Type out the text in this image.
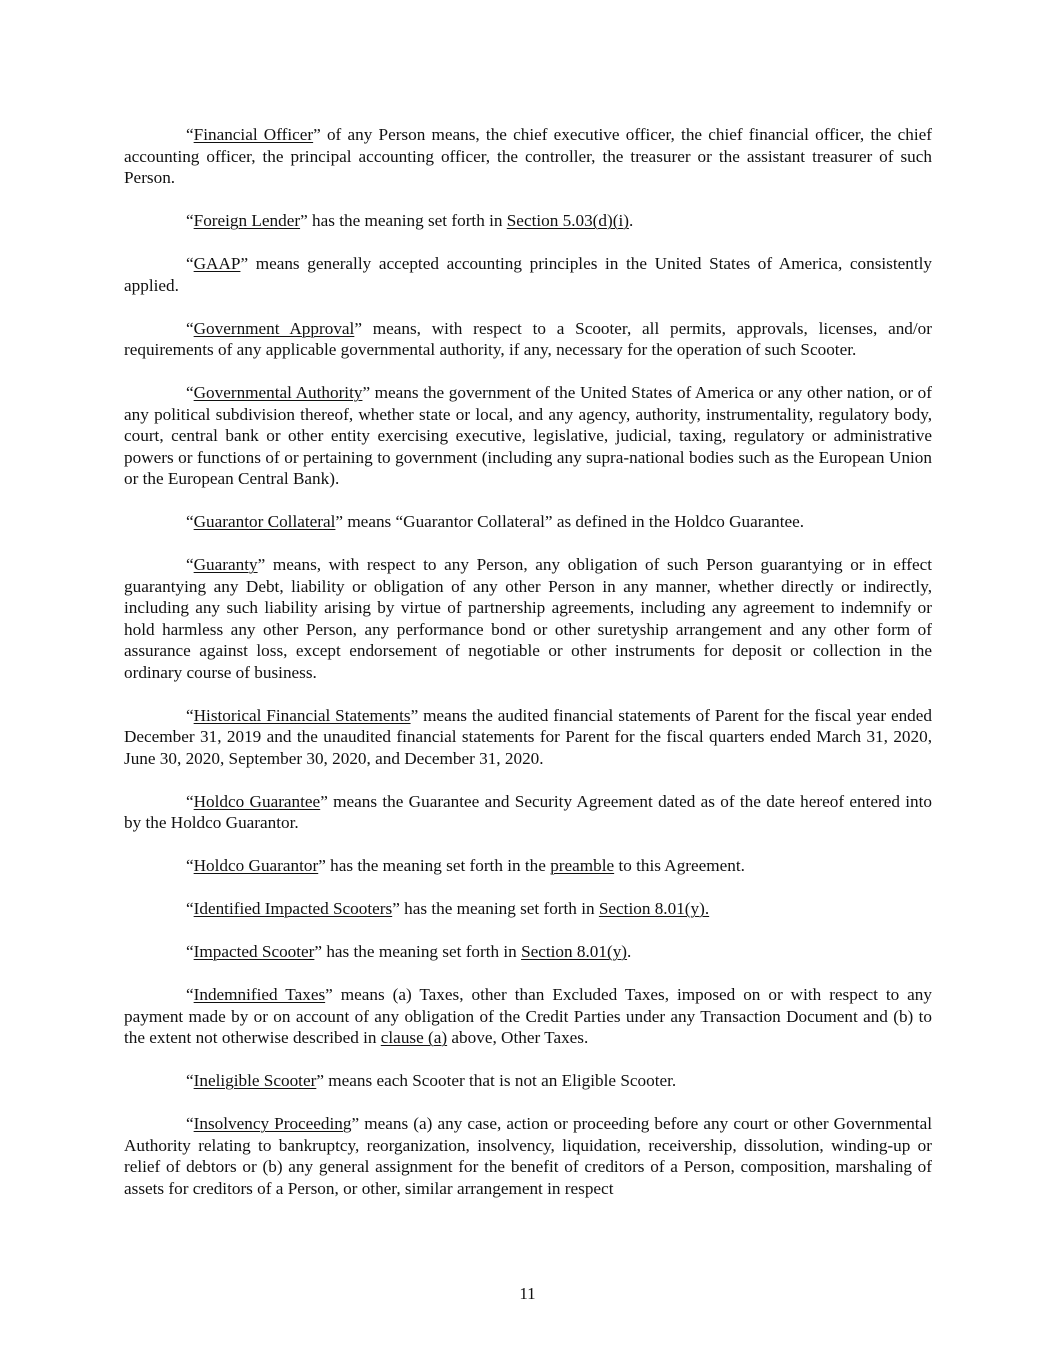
“Financial Officer” of any Person means, the chief executive officer, the chief financial officer, the chief accounting officer, the principal accounting officer, the controller, the treasurer or the assistant treasurer of such Person.

“Foreign Lender” has the meaning set forth in Section 5.03(d)(i).

“GAAP” means generally accepted accounting principles in the United States of America, consistently applied.

“Government Approval” means, with respect to a Scooter, all permits, approvals, licenses, and/or requirements of any applicable governmental authority, if any, necessary for the operation of such Scooter.

“Governmental Authority” means the government of the United States of America or any other nation, or of any political subdivision thereof, whether state or local, and any agency, authority, instrumentality, regulatory body, court, central bank or other entity exercising executive, legislative, judicial, taxing, regulatory or administrative powers or functions of or pertaining to government (including any supra-national bodies such as the European Union or the European Central Bank).

“Guarantor Collateral” means “Guarantor Collateral” as defined in the Holdco Guarantee.

“Guaranty” means, with respect to any Person, any obligation of such Person guarantying or in effect guarantying any Debt, liability or obligation of any other Person in any manner, whether directly or indirectly, including any such liability arising by virtue of partnership agreements, including any agreement to indemnify or hold harmless any other Person, any performance bond or other suretyship arrangement and any other form of assurance against loss, except endorsement of negotiable or other instruments for deposit or collection in the ordinary course of business.

“Historical Financial Statements” means the audited financial statements of Parent for the fiscal year ended December 31, 2019 and the unaudited financial statements for Parent for the fiscal quarters ended March 31, 2020, June 30, 2020, September 30, 2020, and December 31, 2020.

“Holdco Guarantee” means the Guarantee and Security Agreement dated as of the date hereof entered into by the Holdco Guarantor.

“Holdco Guarantor” has the meaning set forth in the preamble to this Agreement.

“Identified Impacted Scooters” has the meaning set forth in Section 8.01(y).

“Impacted Scooter” has the meaning set forth in Section 8.01(y).

“Indemnified Taxes” means (a) Taxes, other than Excluded Taxes, imposed on or with respect to any payment made by or on account of any obligation of the Credit Parties under any Transaction Document and (b) to the extent not otherwise described in clause (a) above, Other Taxes.

“Ineligible Scooter” means each Scooter that is not an Eligible Scooter.

“Insolvency Proceeding” means (a) any case, action or proceeding before any court or other Governmental Authority relating to bankruptcy, reorganization, insolvency, liquidation, receivership, dissolution, winding-up or relief of debtors or (b) any general assignment for the benefit of creditors of a Person, composition, marshaling of assets for creditors of a Person, or other, similar arrangement in respect

11
